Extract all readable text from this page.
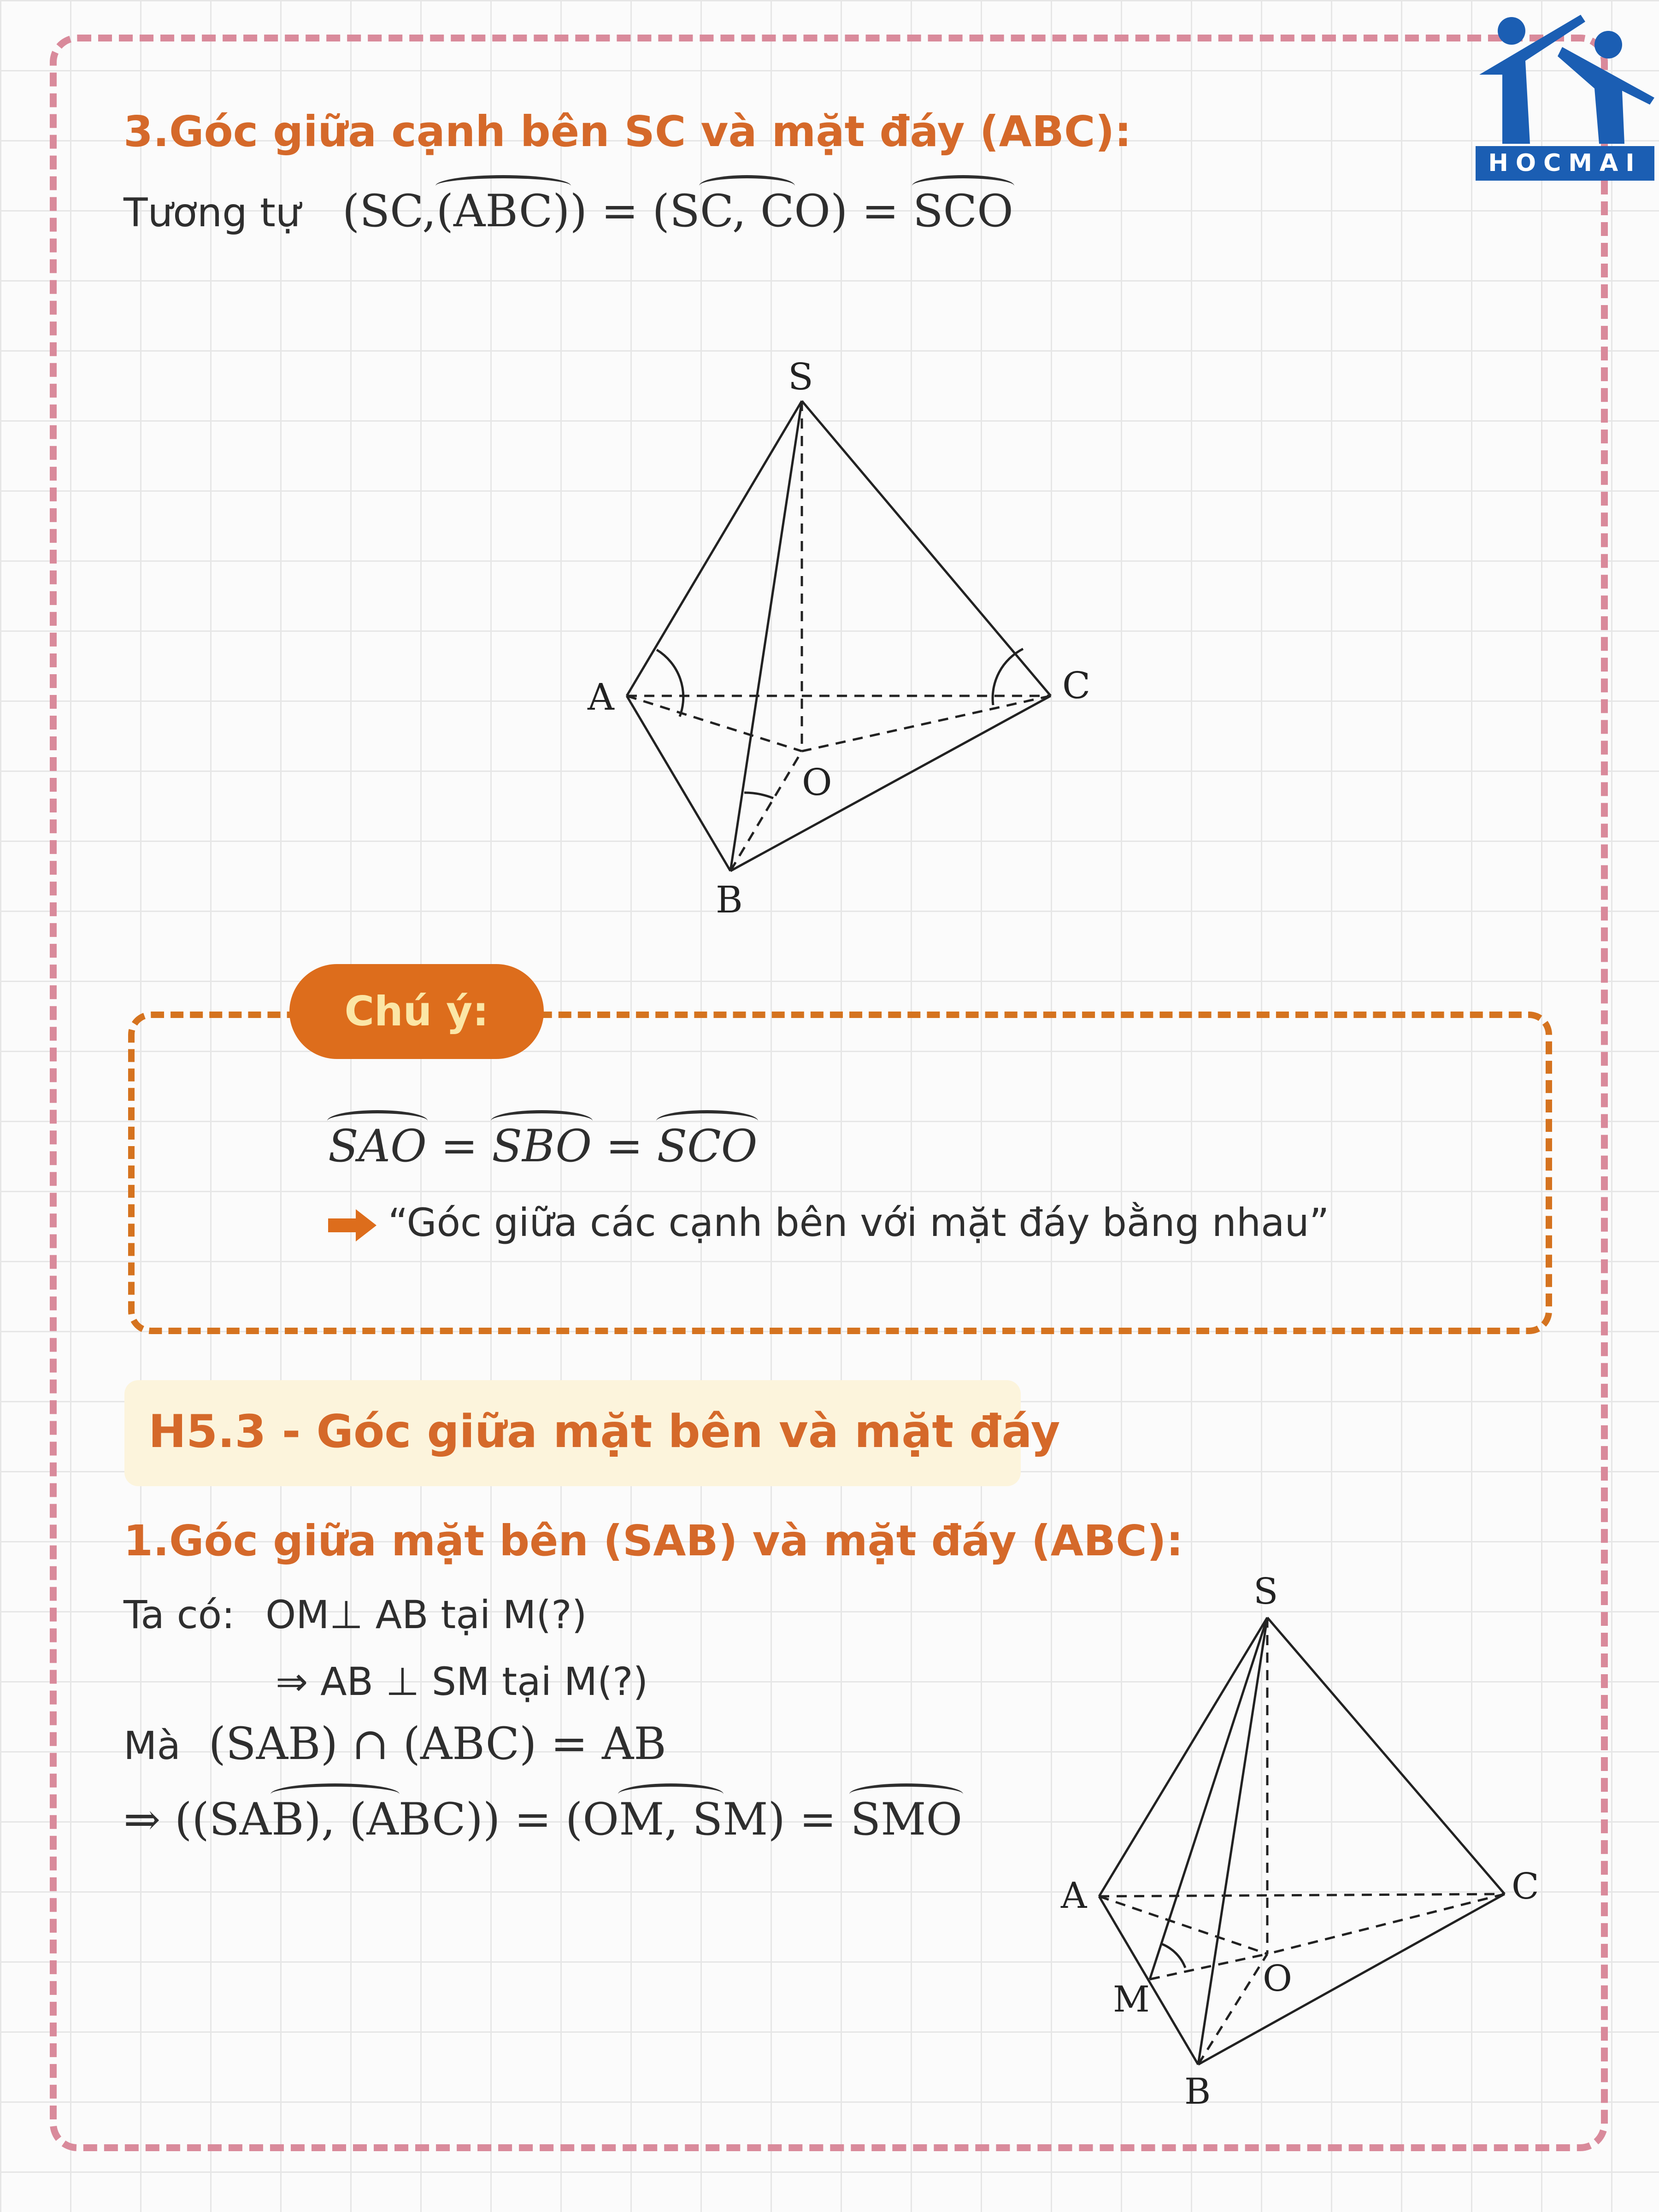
HOCMAI
3.Góc giữa cạnh bên SC và mặt đáy (ABC):
Tương tự (SC,(ABC)) = (SC, CO) = SCO
S
A	C
O
B
SAO = SBO = SCO
“Góc giữa các cạnh bên với mặt đáy bằng nhau”
Chú ý:
H5.3 - Góc giữa mặt bên và mặt đáy
1.Góc giữa mặt bên (SAB) và mặt đáy (ABC):
Ta có: OM⊥ AB tại M(?)
⇒ AB ⊥ SM tại M(?)
Mà (SAB) ∩ (ABC) = AB
⇒ ((SAB), (ABC)) = (OM, SM) = SMO
S
A	C
O
M
B
